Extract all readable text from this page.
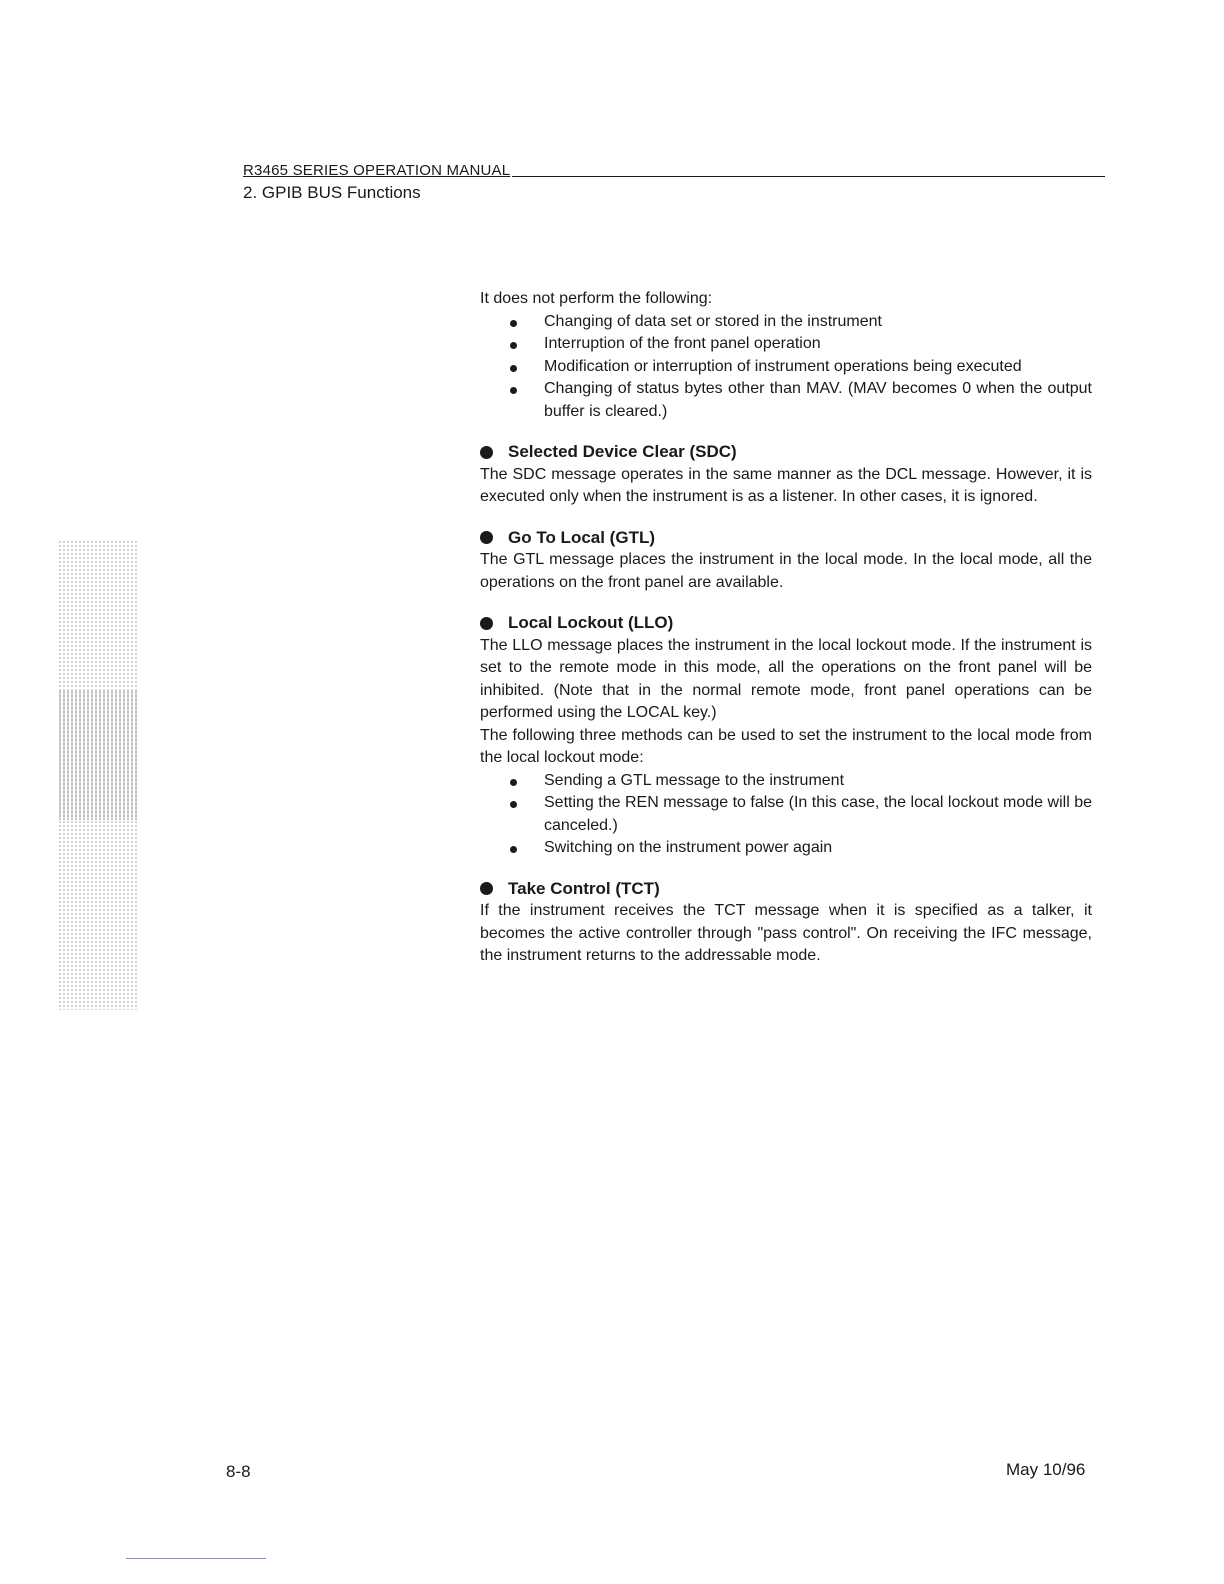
R3465 SERIES OPERATION MANUAL
2. GPIB BUS Functions

It does not perform the following:

Changing of data set or stored in the instrument
Interruption of the front panel operation
Modification or interruption of instrument operations being executed
Changing of status bytes other than MAV. (MAV becomes 0 when the output buffer is cleared.)
Selected Device Clear (SDC)

The SDC message operates in the same manner as the DCL message. However, it is executed only when the instrument is as a listener. In other cases, it is ignored.

Go To Local (GTL)

The GTL message places the instrument in the local mode. In the local mode, all the operations on the front panel are available.

Local Lockout (LLO)

The LLO message places the instrument in the local lockout mode. If the instrument is set to the remote mode in this mode, all the operations on the front panel will be inhibited. (Note that in the normal remote mode, front panel operations can be performed using the LOCAL key.)

The following three methods can be used to set the instrument to the local mode from the local lockout mode:

Sending a GTL message to the instrument
Setting the REN message to false (In this case, the local lockout mode will be canceled.)
Switching on the instrument power again
Take Control (TCT)

If the instrument receives the TCT message when it is specified as a talker, it becomes the active controller through "pass control". On receiving the IFC message, the instrument returns to the addressable mode.

8-8	May 10/96
